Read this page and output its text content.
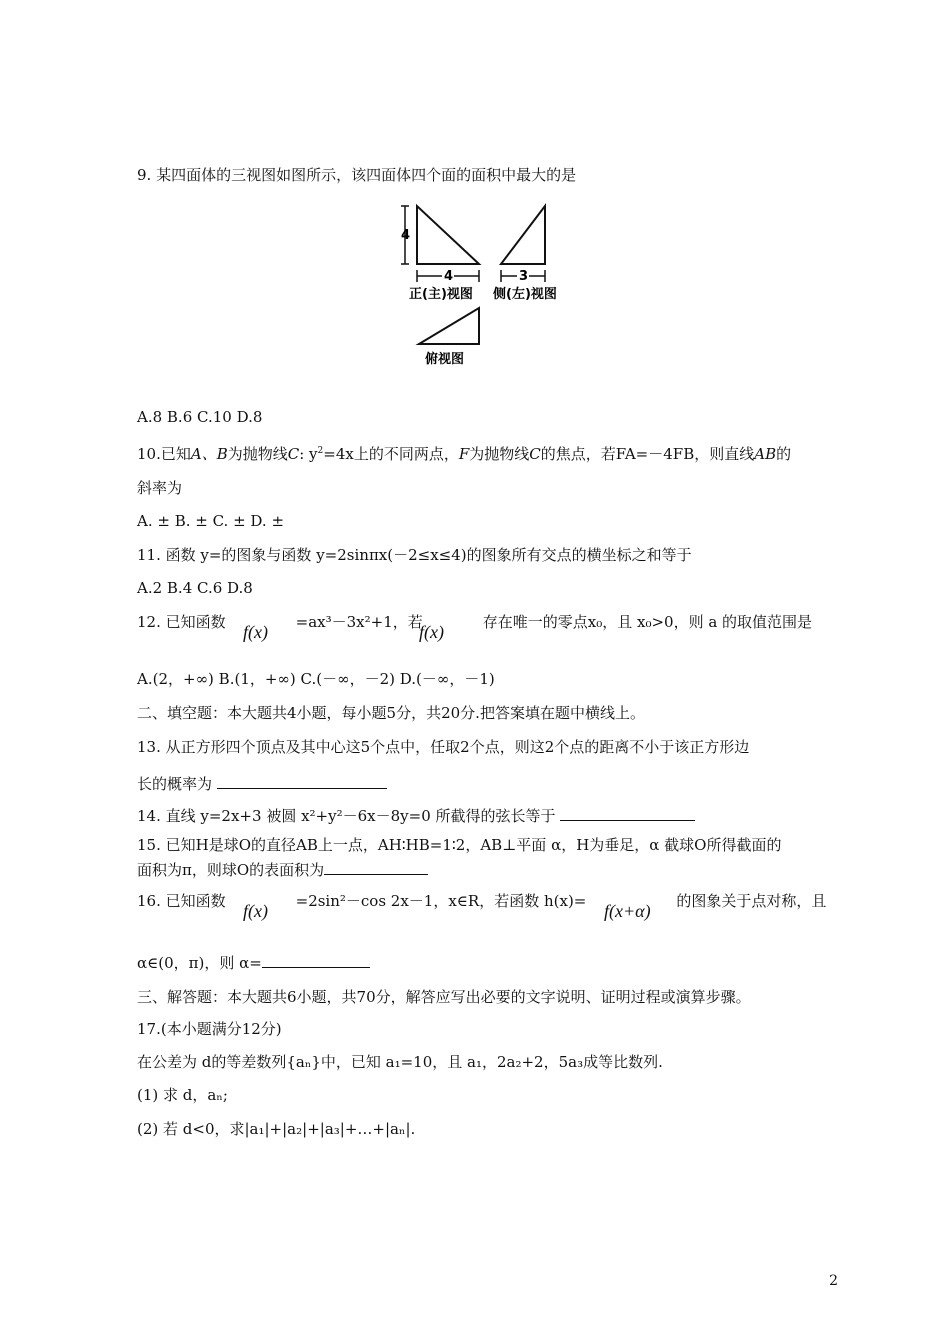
9. 某四面体的三视图如图所示，该四面体四个面的面积中最大的是
4
4
正(主)视图
3
侧(左)视图
俯视图
A.8 B.6 C.10 D.8
10.已知A、B为抛物线C: $y^2=4x$上的不同两点，F为抛物线C的焦点，若FA=－4FB，则直线AB的
斜率为
A. ± B. ± C. ± D. ±
11. 函数 y=的图象与函数 y=2sinπx(－2≤x≤4)的图象所有交点的横坐标之和等于
A.2 B.4 C.6 D.8
12. 已知函数	=ax³－3x²+1，若	存在唯一的零点x₀，且 x₀>0，则 a 的取值范围是
f(x)	f(x)
A.(2，+∞) B.(1，+∞) C.(－∞，－2) D.(－∞，－1)
二、填空题：本大题共4小题，每小题5分，共20分.把答案填在题中横线上。
13. 从正方形四个顶点及其中心这5个点中，任取2个点，则这2个点的距离不小于该正方形边
长的概率为
14. 直线 y=2x+3 被圆 x²+y²－6x－8y=0 所截得的弦长等于
15. 已知H是球O的直径AB上一点，AH∶HB=1∶2，AB⊥平面 α，H为垂足，α 截球O所得截面的
面积为π，则球O的表面积为
16. 已知函数	=2sin²－cos 2x－1，x∈R，若函数 h(x)=	的图象关于点对称，且
f(x)	f(x+α)
α∈(0，π)，则 α=
三、解答题：本大题共6小题，共70分，解答应写出必要的文字说明、证明过程或演算步骤。
17.(本小题满分12分)
在公差为 d的等差数列{aₙ}中，已知 a₁=10，且 a₁，2a₂+2，5a₃成等比数列.
(1) 求 d，aₙ;
(2) 若 d<0，求|a₁|+|a₂|+|a₃|+…+|aₙ|.
2
